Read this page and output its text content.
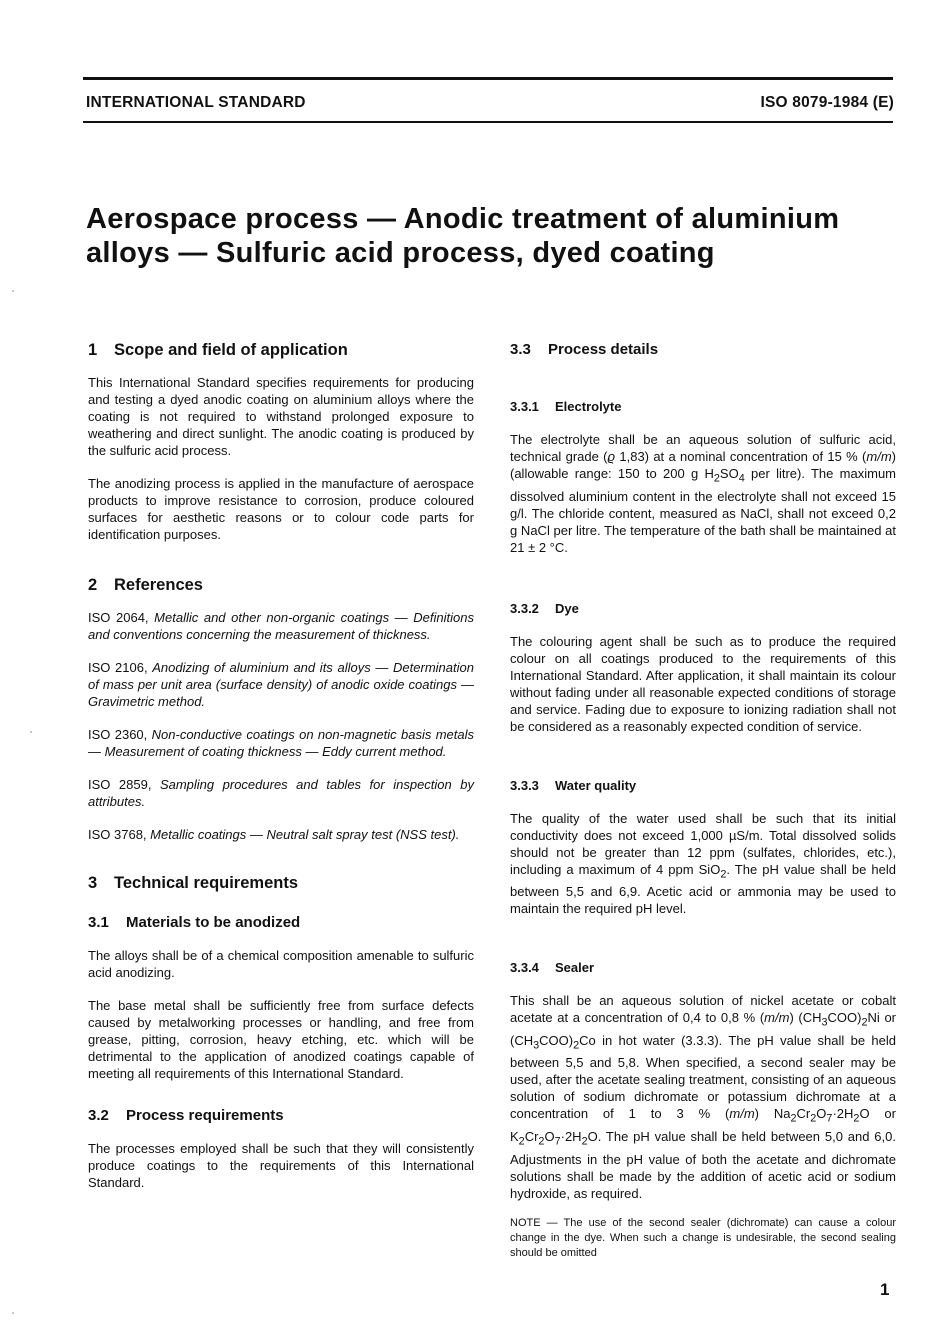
INTERNATIONAL STANDARD	ISO 8079-1984 (E)
Aerospace process — Anodic treatment of aluminium
alloys — Sulfuric acid process, dyed coating
1 Scope and field of application

This International Standard specifies requirements for producing and testing a dyed anodic coating on aluminium alloys where the coating is not required to withstand prolonged exposure to weathering and direct sunlight. The anodic coating is produced by the sulfuric acid process.

The anodizing process is applied in the manufacture of aerospace products to improve resistance to corrosion, produce coloured surfaces for aesthetic reasons or to colour code parts for identification purposes.

2 References

ISO 2064, Metallic and other non-organic coatings — Definitions and conventions concerning the measurement of thickness.

ISO 2106, Anodizing of aluminium and its alloys — Determination of mass per unit area (surface density) of anodic oxide coatings — Gravimetric method.

ISO 2360, Non-conductive coatings on non-magnetic basis metals — Measurement of coating thickness — Eddy current method.

ISO 2859, Sampling procedures and tables for inspection by attributes.

ISO 3768, Metallic coatings — Neutral salt spray test (NSS test).

3 Technical requirements
3.1 Materials to be anodized

The alloys shall be of a chemical composition amenable to sulfuric acid anodizing.

The base metal shall be sufficiently free from surface defects caused by metalworking processes or handling, and free from grease, pitting, corrosion, heavy etching, etc. which will be detrimental to the application of anodized coatings capable of meeting all requirements of this International Standard.

3.2 Process requirements

The processes employed shall be such that they will consistently produce coatings to the requirements of this International Standard.

3.3 Process details
3.3.1 Electrolyte

The electrolyte shall be an aqueous solution of sulfuric acid, technical grade (ϱ 1,83) at a nominal concentration of 15 % (m/m) (allowable range: 150 to 200 g $H_2SO_4$ per litre). The maximum dissolved aluminium content in the electrolyte shall not exceed 15 g/l. The chloride content, measured as NaCl, shall not exceed 0,2 g NaCl per litre. The temperature of the bath shall be maintained at 21 ± 2 °C.

3.3.2 Dye

The colouring agent shall be such as to produce the required colour on all coatings produced to the requirements of this International Standard. After application, it shall maintain its colour without fading under all reasonable expected conditions of storage and service. Fading due to exposure to ionizing radiation shall not be considered as a reasonably expected condition of service.

3.3.3 Water quality

The quality of the water used shall be such that its initial conductivity does not exceed 1,000 µS/m. Total dissolved solids should not be greater than 12 ppm (sulfates, chlorides, etc.), including a maximum of 4 ppm SiO$_2$. The pH value shall be held between 5,5 and 6,9. Acetic acid or ammonia may be used to maintain the required pH level.

3.3.4 Sealer

This shall be an aqueous solution of nickel acetate or cobalt acetate at a concentration of 0,4 to 0,8 % (m/m) $(CH_3COO)_2Ni$ or $(CH_3COO)_2Co$ in hot water (3.3.3). The pH value shall be held between 5,5 and 5,8. When specified, a second sealer may be used, after the acetate sealing treatment, consisting of an aqueous solution of sodium dichromate or potassium dichromate at a concentration of 1 to 3 % (m/m) $Na_2Cr_2O_7\cdot 2H_2O$ or $K_2Cr_2O_7\cdot 2H_2O$. The pH value shall be held between 5,0 and 6,0. Adjustments in the pH value of both the acetate and dichromate solutions shall be made by the addition of acetic acid or sodium hydroxide, as required.

NOTE — The use of the second sealer (dichromate) can cause a colour change in the dye. When such a change is undesirable, the second sealing should be omitted

1
